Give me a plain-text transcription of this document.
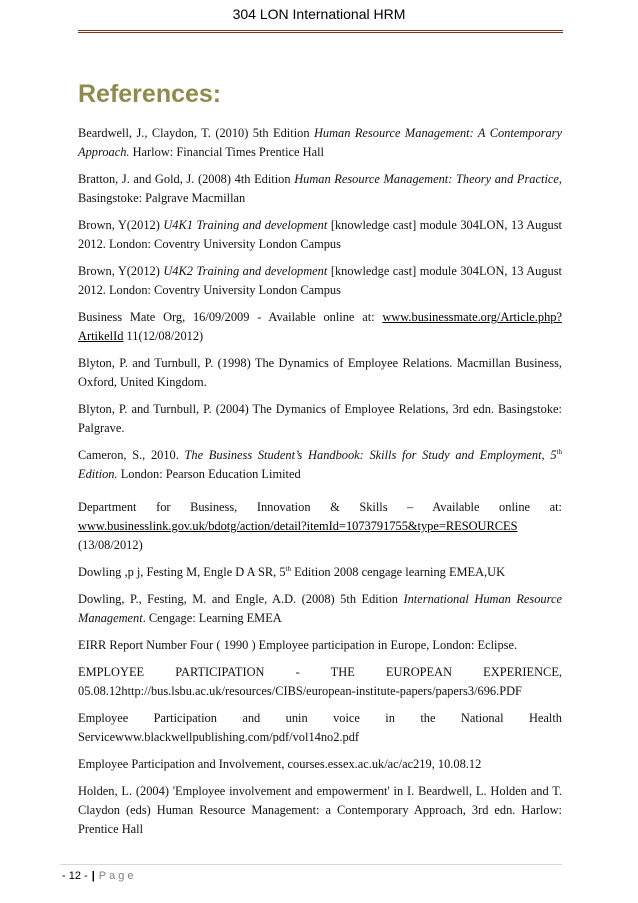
304 LON International HRM
References:

Beardwell, J., Claydon, T. (2010) 5th Edition Human Resource Management: A Contemporary Approach. Harlow: Financial Times Prentice Hall

Bratton, J. and Gold, J. (2008) 4th Edition Human Resource Management: Theory and Practice, Basingstoke: Palgrave Macmillan

Brown, Y(2012) U4K1 Training and development [knowledge cast] module 304LON, 13 August 2012. London: Coventry University London Campus

Brown, Y(2012) U4K2 Training and development [knowledge cast] module 304LON, 13 August 2012. London: Coventry University London Campus

Business Mate Org, 16/09/2009 - Available online at: www.businessmate.org/Article.php?ArtikelId 11(12/08/2012)

Blyton, P. and Turnbull, P. (1998) The Dynamics of Employee Relations. Macmillan Business, Oxford, United Kingdom.

Blyton, P. and Turnbull, P. (2004) The Dymanics of Employee Relations, 3rd edn. Basingstoke: Palgrave.

Cameron, S., 2010. The Business Student’s Handbook: Skills for Study and Employment, 5th Edition. London: Pearson Education Limited

Department for Business, Innovation & Skills – Available online at: www.businesslink.gov.uk/bdotg/action/detail?itemId=1073791755&type=RESOURCES (13/08/2012)

Dowling ,p j, Festing M, Engle D A SR, 5th Edition 2008 cengage learning EMEA,UK

Dowling, P., Festing, M. and Engle, A.D. (2008) 5th Edition International Human Resource Management. Cengage: Learning EMEA

EIRR Report Number Four ( 1990 ) Employee participation in Europe, London: Eclipse.

EMPLOYEE PARTICIPATION - THE EUROPEAN EXPERIENCE, 05.08.12http://bus.lsbu.ac.uk/resources/CIBS/european-institute-papers/papers3/696.PDF

Employee Participation and unin voice in the National Health Servicewww.blackwellpublishing.com/pdf/vol14no2.pdf

Employee Participation and Involvement, courses.essex.ac.uk/ac/ac219, 10.08.12

Holden, L. (2004) 'Employee involvement and empowerment' in I. Beardwell, L. Holden and T. Claydon (eds) Human Resource Management: a Contemporary Approach, 3rd edn. Harlow: Prentice Hall

- 12 - | Page
